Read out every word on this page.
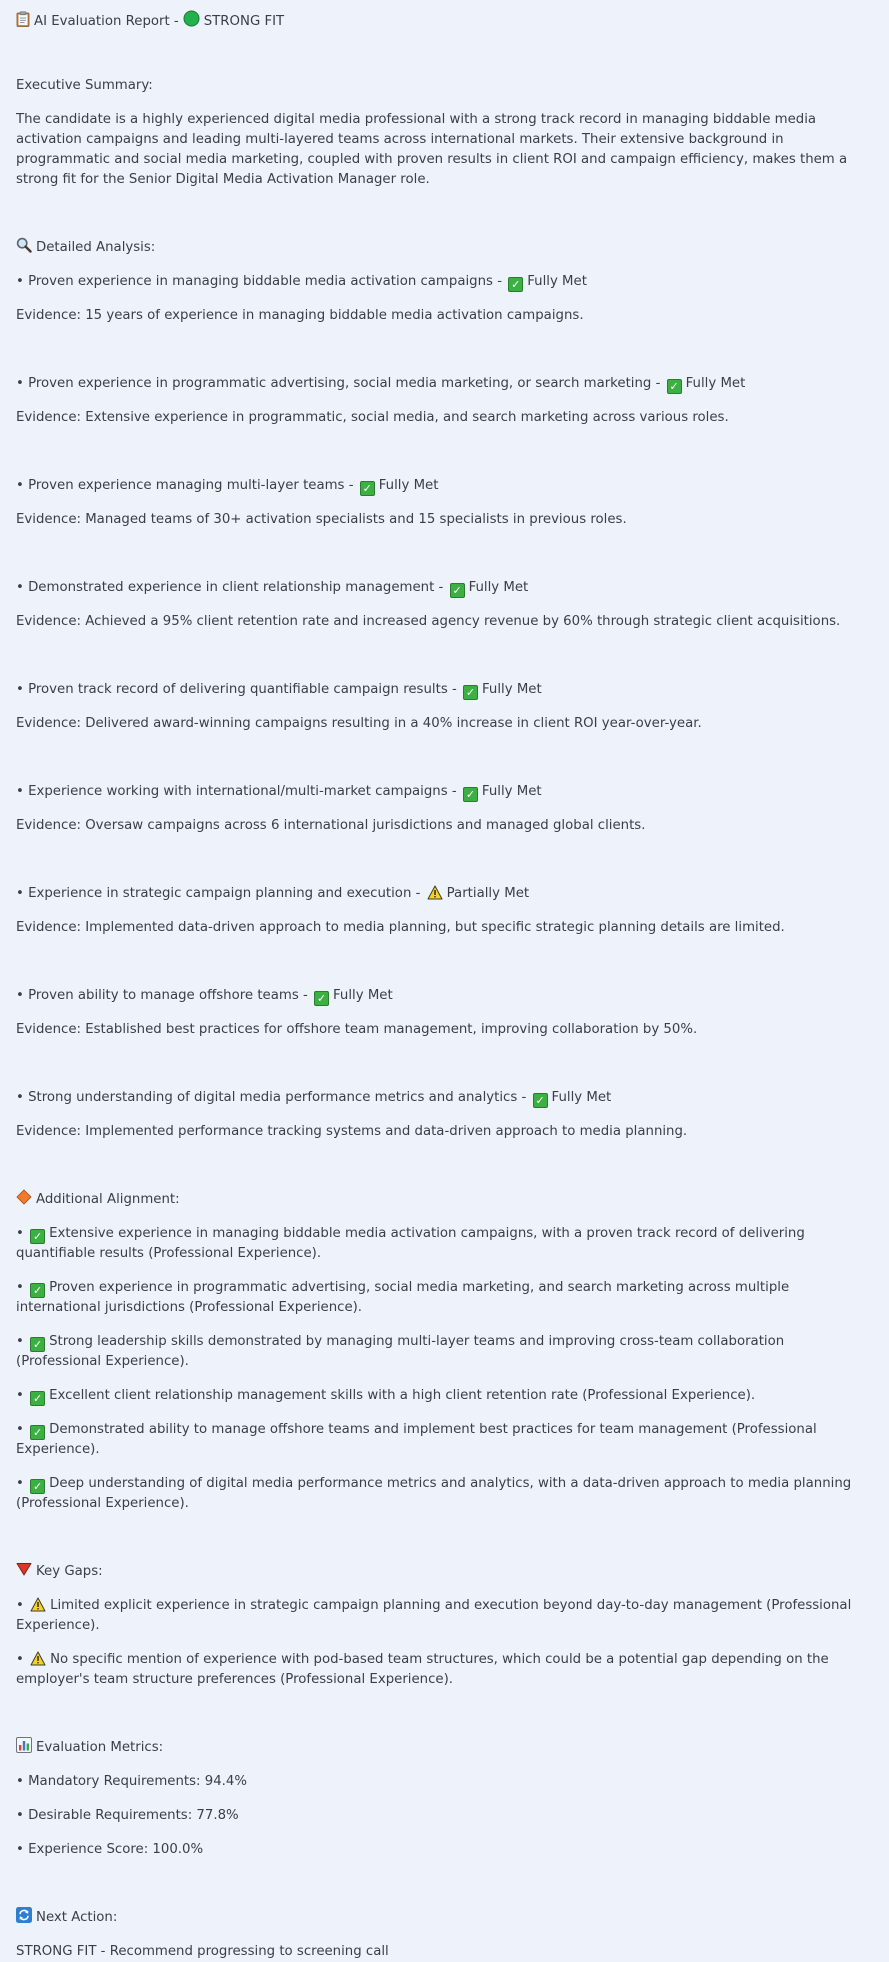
AI Evaluation Report - STRONG FIT
Executive Summary:

The candidate is a highly experienced digital media professional with a strong track record in managing biddable media activation campaigns and leading multi-layered teams across international markets. Their extensive background in programmatic and social media marketing, coupled with proven results in client ROI and campaign efficiency, makes them a strong fit for the Senior Digital Media Activation Manager role.

Detailed Analysis:

• Proven experience in managing biddable media activation campaigns - ✓ Fully Met

Evidence: 15 years of experience in managing biddable media activation campaigns.

• Proven experience in programmatic advertising, social media marketing, or search marketing - ✓ Fully Met

Evidence: Extensive experience in programmatic, social media, and search marketing across various roles.

• Proven experience managing multi-layer teams - ✓ Fully Met

Evidence: Managed teams of 30+ activation specialists and 15 specialists in previous roles.

• Demonstrated experience in client relationship management - ✓ Fully Met

Evidence: Achieved a 95% client retention rate and increased agency revenue by 60% through strategic client acquisitions.

• Proven track record of delivering quantifiable campaign results - ✓ Fully Met

Evidence: Delivered award-winning campaigns resulting in a 40% increase in client ROI year-over-year.

• Experience working with international/multi-market campaigns - ✓ Fully Met

Evidence: Oversaw campaigns across 6 international jurisdictions and managed global clients.

• Experience in strategic campaign planning and execution - Partially Met

Evidence: Implemented data-driven approach to media planning, but specific strategic planning details are limited.

• Proven ability to manage offshore teams - ✓ Fully Met

Evidence: Established best practices for offshore team management, improving collaboration by 50%.

• Strong understanding of digital media performance metrics and analytics - ✓ Fully Met

Evidence: Implemented performance tracking systems and data-driven approach to media planning.

Additional Alignment:

• ✓ Extensive experience in managing biddable media activation campaigns, with a proven track record of delivering quantifiable results (Professional Experience).

• ✓ Proven experience in programmatic advertising, social media marketing, and search marketing across multiple international jurisdictions (Professional Experience).

• ✓ Strong leadership skills demonstrated by managing multi-layer teams and improving cross-team collaboration (Professional Experience).

• ✓ Excellent client relationship management skills with a high client retention rate (Professional Experience).

• ✓ Demonstrated ability to manage offshore teams and implement best practices for team management (Professional Experience).

• ✓ Deep understanding of digital media performance metrics and analytics, with a data-driven approach to media planning (Professional Experience).

Key Gaps:

• Limited explicit experience in strategic campaign planning and execution beyond day-to-day management (Professional Experience).

• No specific mention of experience with pod-based team structures, which could be a potential gap depending on the employer's team structure preferences (Professional Experience).

Evaluation Metrics:

• Mandatory Requirements: 94.4%

• Desirable Requirements: 77.8%

• Experience Score: 100.0%

Next Action:

STRONG FIT - Recommend progressing to screening call
